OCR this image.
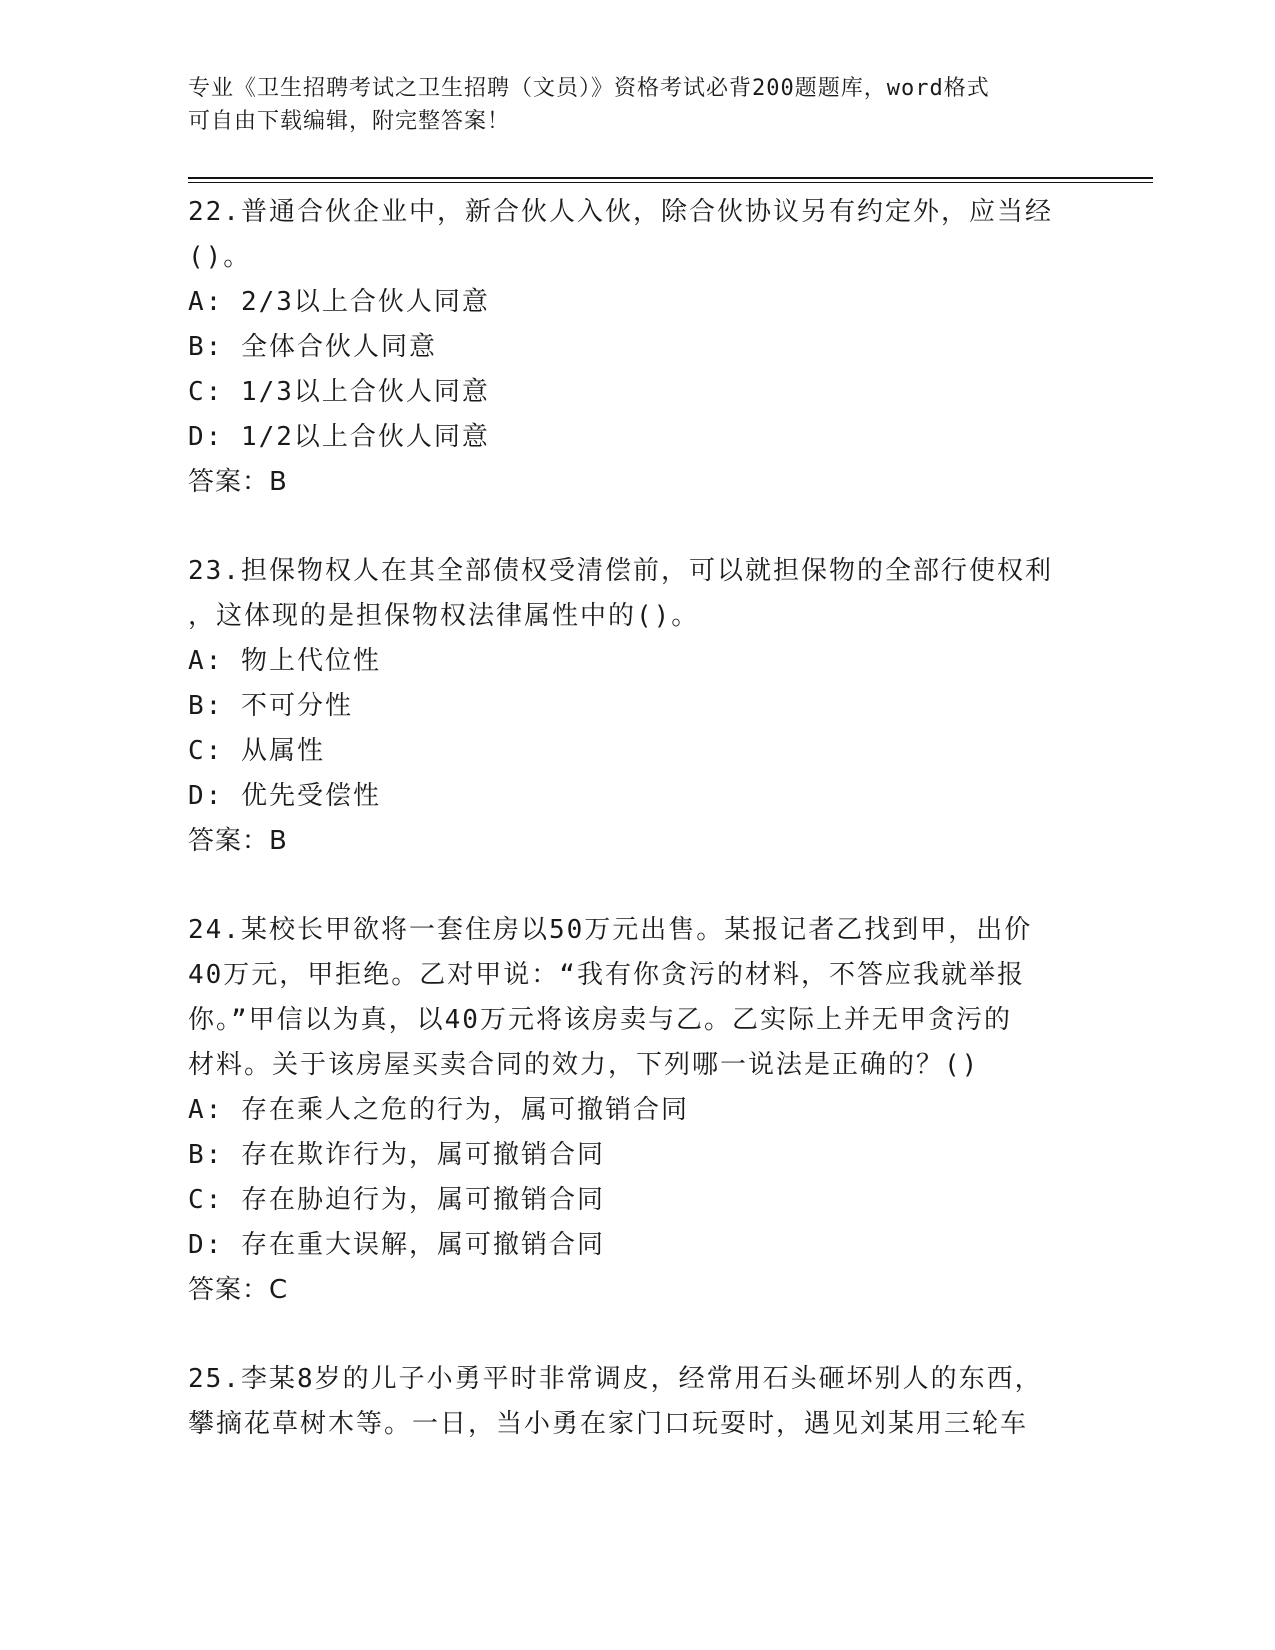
专业《卫生招聘考试之卫生招聘（文员）》资格考试必背200题题库，word格式
可自由下载编辑，附完整答案！

22.普通合伙企业中，新合伙人入伙，除合伙协议另有约定外，应当经

()。

A: 2/3以上合伙人同意

B: 全体合伙人同意

C: 1/3以上合伙人同意

D: 1/2以上合伙人同意

答案：B

23.担保物权人在其全部债权受清偿前，可以就担保物的全部行使权利

，这体现的是担保物权法律属性中的()。

A: 物上代位性

B: 不可分性

C: 从属性

D: 优先受偿性

答案：B

24.某校长甲欲将一套住房以50万元出售。某报记者乙找到甲，出价

40万元，甲拒绝。乙对甲说：“我有你贪污的材料，不答应我就举报

你。”甲信以为真，以40万元将该房卖与乙。乙实际上并无甲贪污的

材料。关于该房屋买卖合同的效力，下列哪一说法是正确的？()

A: 存在乘人之危的行为，属可撤销合同

B: 存在欺诈行为，属可撤销合同

C: 存在胁迫行为，属可撤销合同

D: 存在重大误解，属可撤销合同

答案：C

25.李某8岁的儿子小勇平时非常调皮，经常用石头砸坏别人的东西，

攀摘花草树木等。一日，当小勇在家门口玩耍时，遇见刘某用三轮车
